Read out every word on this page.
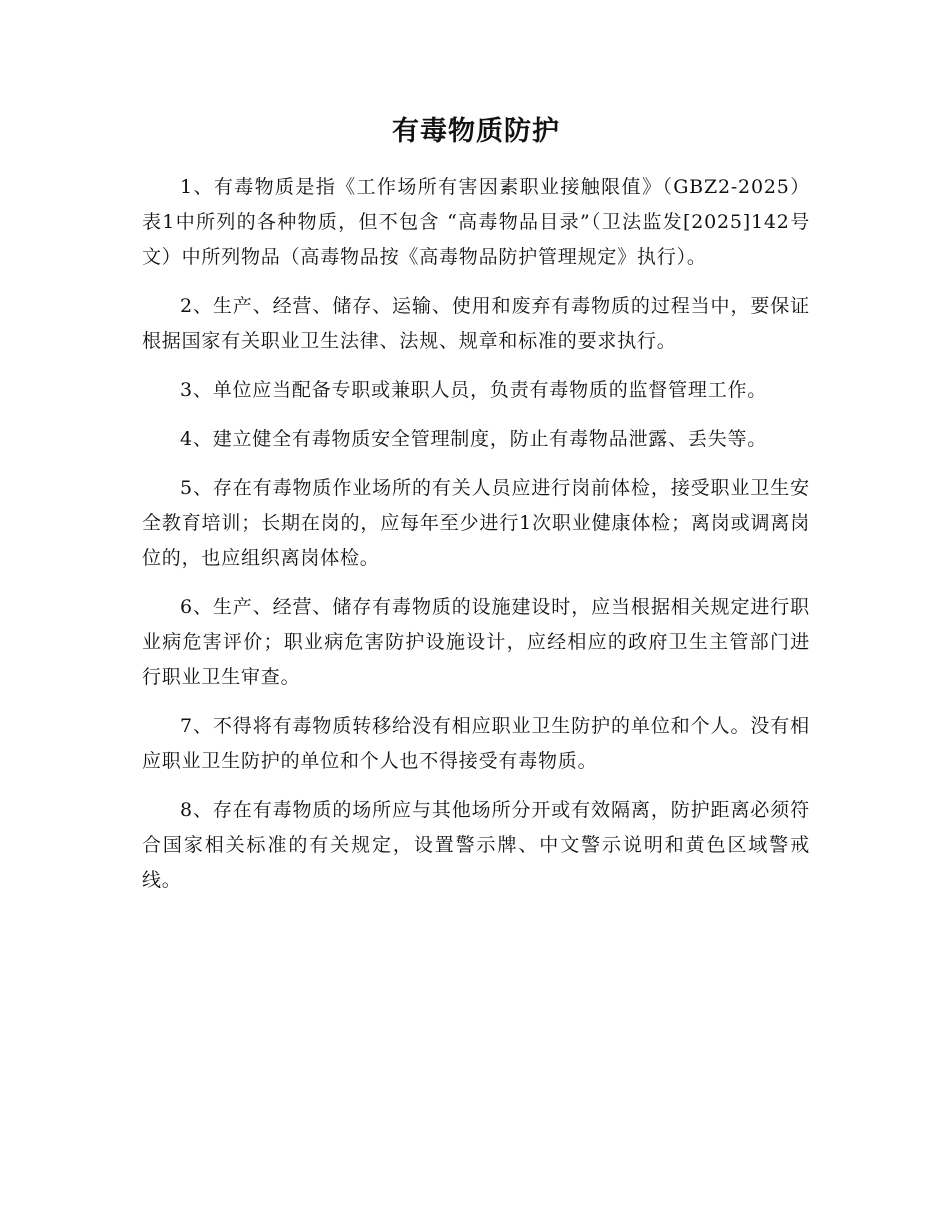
有毒物质防护

1、有毒物质是指《工作场所有害因素职业接触限值》（GBZ2-2025）表1中所列的各种物质，但不包含 “高毒物品目录”（卫法监发[2025]142号文）中所列物品（高毒物品按《高毒物品防护管理规定》执行）。

2、生产、经营、储存、运输、使用和废弃有毒物质的过程当中，要保证根据国家有关职业卫生法律、法规、规章和标准的要求执行。

3、单位应当配备专职或兼职人员，负责有毒物质的监督管理工作。

4、建立健全有毒物质安全管理制度，防止有毒物品泄露、丢失等。

5、存在有毒物质作业场所的有关人员应进行岗前体检，接受职业卫生安全教育培训；长期在岗的，应每年至少进行1次职业健康体检；离岗或调离岗位的，也应组织离岗体检。

6、生产、经营、储存有毒物质的设施建设时，应当根据相关规定进行职业病危害评价；职业病危害防护设施设计，应经相应的政府卫生主管部门进行职业卫生审查。

7、不得将有毒物质转移给没有相应职业卫生防护的单位和个人。没有相应职业卫生防护的单位和个人也不得接受有毒物质。

8、存在有毒物质的场所应与其他场所分开或有效隔离，防护距离必须符合国家相关标准的有关规定，设置警示牌、中文警示说明和黄色区域警戒线。
